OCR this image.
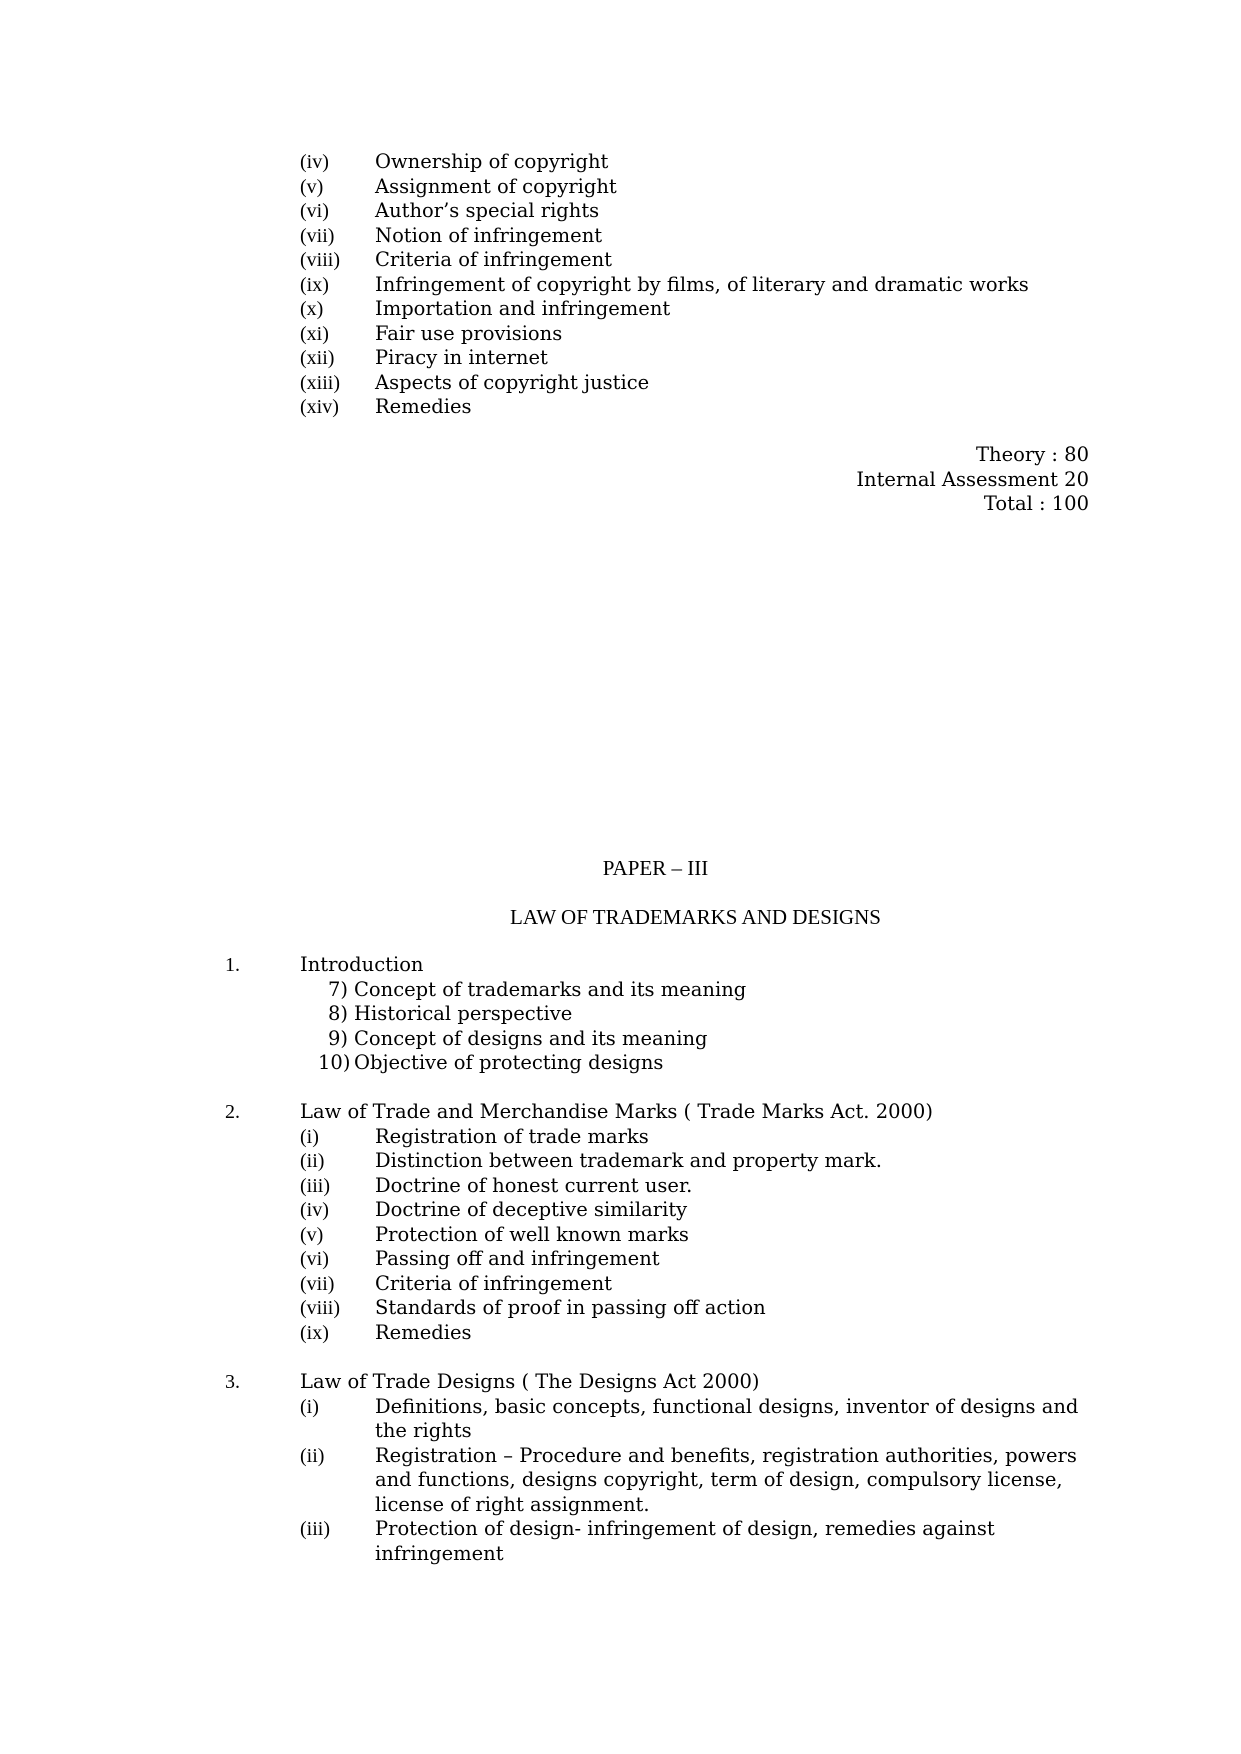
(iv)	Ownership of copyright
(v)	Assignment of copyright
(vi)	Author’s special rights
(vii)	Notion of infringement
(viii)	Criteria of infringement
(ix)	Infringement of copyright by films, of literary and dramatic works
(x)	Importation and infringement
(xi)	Fair use provisions
(xii)	Piracy in internet
(xiii)	Aspects of copyright justice
(xiv)	Remedies
Theory : 80
Internal Assessment 20
Total : 100
PAPER – III
LAW OF TRADEMARKS AND DESIGNS
1.	Introduction
7) Concept of trademarks and its meaning
8) Historical perspective
9) Concept of designs and its meaning
10) Objective of protecting designs
2.	Law of Trade and Merchandise Marks ( Trade Marks Act. 2000)
(i)	Registration of trade marks
(ii)	Distinction between trademark and property mark.
(iii)	Doctrine of honest current user.
(iv)	Doctrine of deceptive similarity
(v)	Protection of well known marks
(vi)	Passing off and infringement
(vii)	Criteria of infringement
(viii)	Standards of proof in passing off action
(ix)	Remedies
3.	Law of Trade Designs ( The Designs Act 2000)
(i)	Definitions, basic concepts, functional designs, inventor of designs and the rights
(ii)	Registration – Procedure and benefits, registration authorities, powers and functions, designs copyright, term of design, compulsory license, license of right assignment.
(iii)	Protection of design- infringement of design, remedies against infringement
